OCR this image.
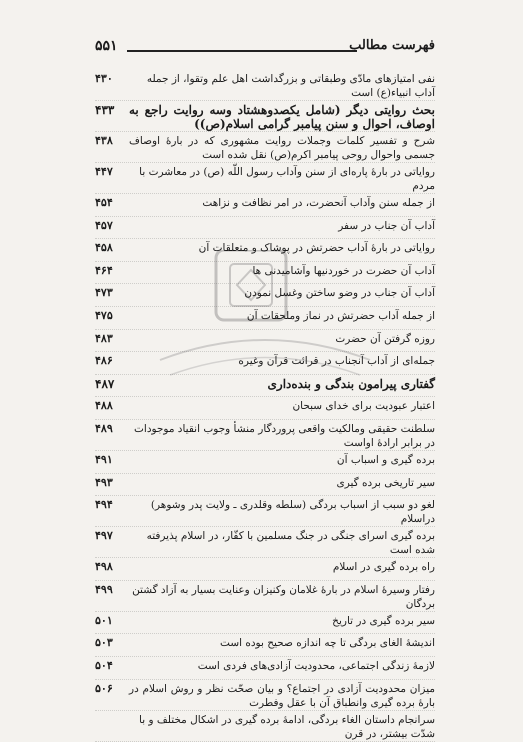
۵۵۱	فهرست مطالب
نفی امتیازهای مادّی وطبقاتی و بزرگداشت اهل علم وتقوا، از جمله آداب انبیاء(ع) است
۴۳۰
بحث روایتی دیگر (شامل یکصدوهشتاد وسه روایت راجع به اوصاف، احوال و سنن پیامبر گرامی اسلام(ص))
۴۳۳
شرح و تفسیر کلمات وجملات روایت مشهوری که در بارهٔ اوصاف جسمی واحوال روحی پیامبر اکرم(ص) نقل شده است
۴۳۸
روایاتی در بارهٔ پاره‌ای از سنن وآداب رسول اللّه (ص) در معاشرت با مردم
۴۴۷
از جمله سنن وآداب آنحضرت، در امر نظافت و نزاهت
۴۵۴
آداب آن جناب در سفر
۴۵۷
روایاتی در بارهٔ آداب حضرتش در پوشاک و متعلقات آن
۴۵۸
آداب آن حضرت در خوردنیها وآشامیدنی ها
۴۶۴
آداب آن جناب در وضو ساختن وغسل نمودن
۴۷۳
از جمله آداب حضرتش در نماز وملحقات آن
۴۷۵
روزه گرفتن آن حضرت
۴۸۳
جمله‌ای از آداب آنجناب در قرائت قرآن وغیره
۴۸۶
گفتاری پیرامون بندگی و بنده‌داری
۴۸۷
اعتبار عبودیت برای خدای سبحان
۴۸۸
سلطنت حقیقی ومالکیت واقعی پروردگار منشأ وجوب انقیاد موجودات در برابر ارادهٔ اواست
۴۸۹
برده گیری و اسباب آن
۴۹۱
سیر تاریخی برده گیری
۴۹۳
لغو دو سبب از اسباب بردگی (سلطه وقلدری ـ ولایت پدر وشوهر) دراسلام
۴۹۴
برده گیری اسرای جنگی در جنگ مسلمین با کفّار، در اسلام پذیرفته شده است
۴۹۷
راه برده گیری در اسلام
۴۹۸
رفتار وسیرهٔ اسلام در بارهٔ غلامان وکنیزان وعنایت بسیار به آزاد گشتن بردگان
۴۹۹
سیر برده گیری در تاریخ
۵۰۱
اندیشهٔ الغای بردگی تا چه اندازه صحیح بوده است
۵۰۳
لازمهٔ زندگی اجتماعی، محدودیت آزادی‌های فردی است
۵۰۴
میزان محدودیت آزادی در اجتماع؟ و بیان صحّت نظر و روش اسلام در بارهٔ برده گیری وانطباق آن با عقل وفطرت
۵۰۶
سرانجام داستان الغاء بردگی، ادامهٔ برده گیری در اشکال مختلف و با شدّت بیشتر، در قرن
